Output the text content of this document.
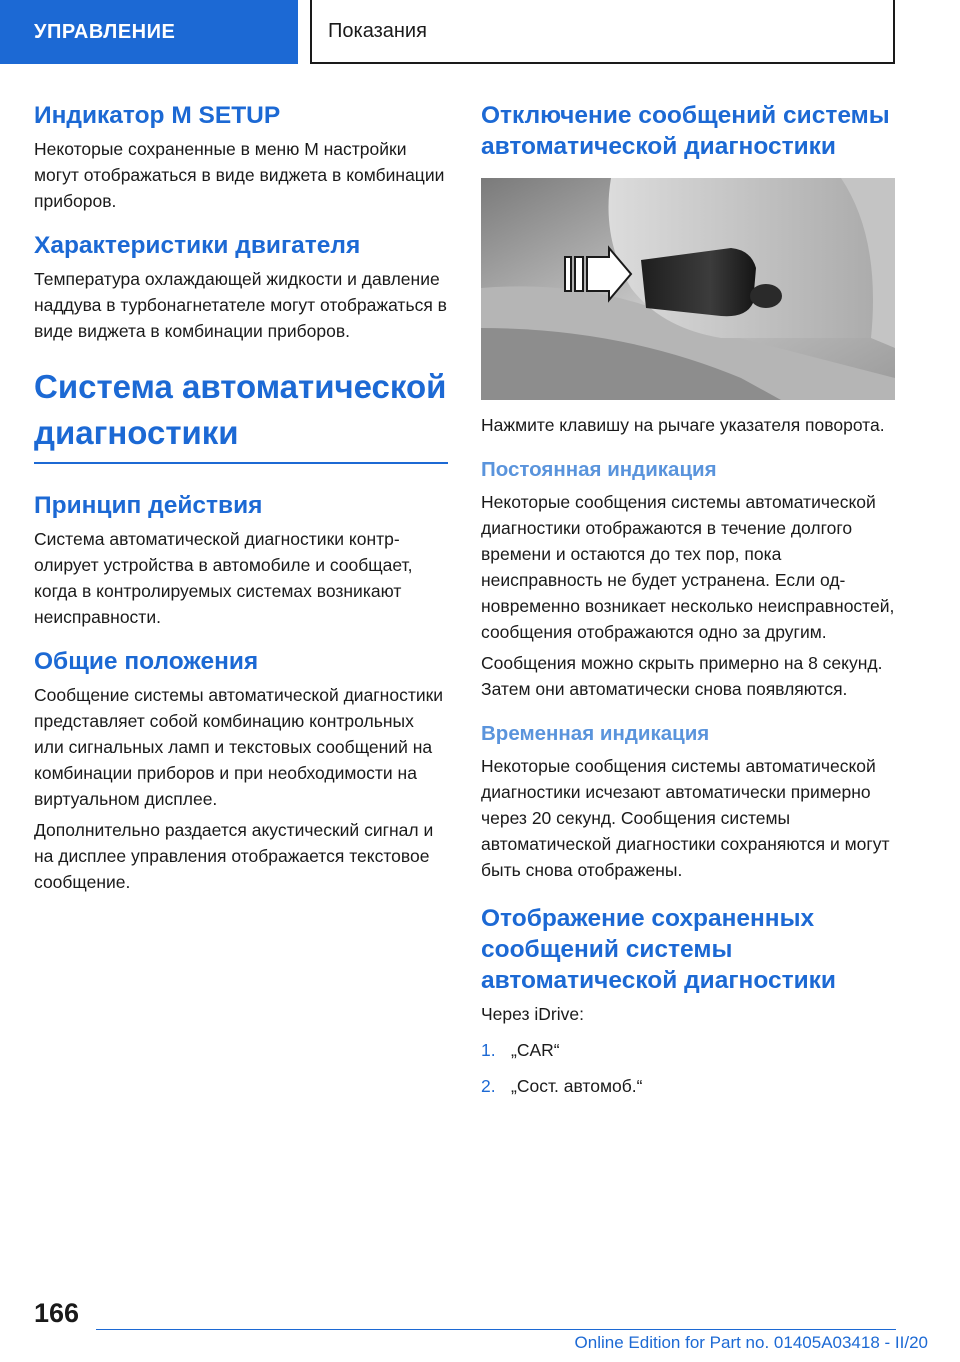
УПРАВЛЕНИЕ	Показания
Индикатор M SETUP

Некоторые сохраненные в меню M настройки могут отображаться в виде виджета в комбинации приборов.

Характеристики двигателя

Температура охлаждающей жидкости и давление наддува в турбонагнетателе могут отображаться в виде виджета в комбинации приборов.

Система автоматической диагностики
Принцип действия

Система автоматической диагностики контролирует устройства в автомобиле и сообщает, когда в контролируемых системах возникают неисправности.

Общие положения

Сообщение системы автоматической диагностики представляет собой комбинацию контрольных или сигнальных ламп и текстовых сообщений на комбинации приборов и при необходимости на виртуальном дисплее.

Дополнительно раздается акустический сигнал и на дисплее управления отображается текстовое сообщение.

Отключение сообщений системы автоматической диагностики

Нажмите клавишу на рычаге указателя поворота.

Постоянная индикация

Некоторые сообщения системы автоматической диагностики отображаются в течение долгого времени и остаются до тех пор, пока неисправность не будет устранена. Если одновременно возникает несколько неисправностей, сообщения отображаются одно за другим.

Сообщения можно скрыть примерно на 8 секунд. Затем они автоматически снова появляются.

Временная индикация

Некоторые сообщения системы автоматической диагностики исчезают автоматически примерно через 20 секунд. Сообщения системы автоматической диагностики сохраняются и могут быть снова отображены.

Отображение сохраненных сообщений системы автоматической диагностики

Через iDrive:

1. „CAR“
2. „Сост. автомоб.“
166
Online Edition for Part no. 01405A03418 - II/20
